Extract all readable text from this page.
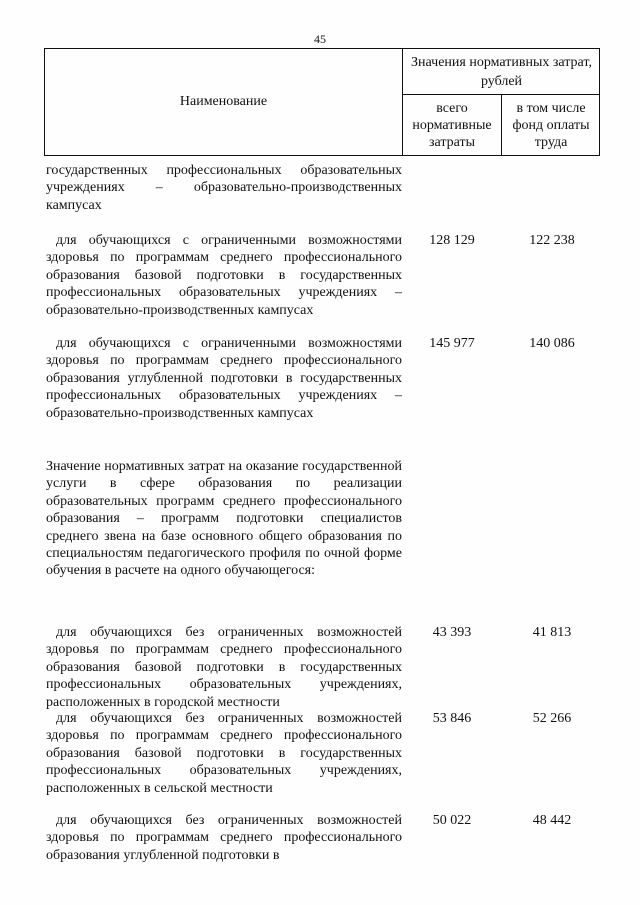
45
Наименование
Значения нормативных затрат, рублей
всего нормативные затраты
в том числе фонд оплаты труда
государственных профессиональных образовательных учреждениях – образовательно-производственных кампусах
для обучающихся с ограниченными возможностями здоровья по программам среднего профессионального образования базовой подготовки в государственных профессиональных образовательных учреждениях – образовательно-производственных кампусах
128 129	122 238
для обучающихся с ограниченными возможностями здоровья по программам среднего профессионального образования углубленной подготовки в государственных профессиональных образовательных учреждениях – образовательно-производственных кампусах
145 977	140 086
Значение нормативных затрат на оказание государственной услуги в сфере образования по реализации образовательных программ среднего профессионального образования – программ подготовки специалистов среднего звена на базе основного общего образования по специальностям педагогического профиля по очной форме обучения в расчете на одного обучающегося:
для обучающихся без ограниченных возможностей здоровья по программам среднего профессионального образования базовой подготовки в государственных профессиональных образовательных учреждениях, расположенных в городской местности
43 393	41 813
для обучающихся без ограниченных возможностей здоровья по программам среднего профессионального образования базовой подготовки в государственных профессиональных образовательных учреждениях, расположенных в сельской местности
53 846	52 266
для обучающихся без ограниченных возможностей здоровья по программам среднего профессионального образования углубленной подготовки в
50 022	48 442
